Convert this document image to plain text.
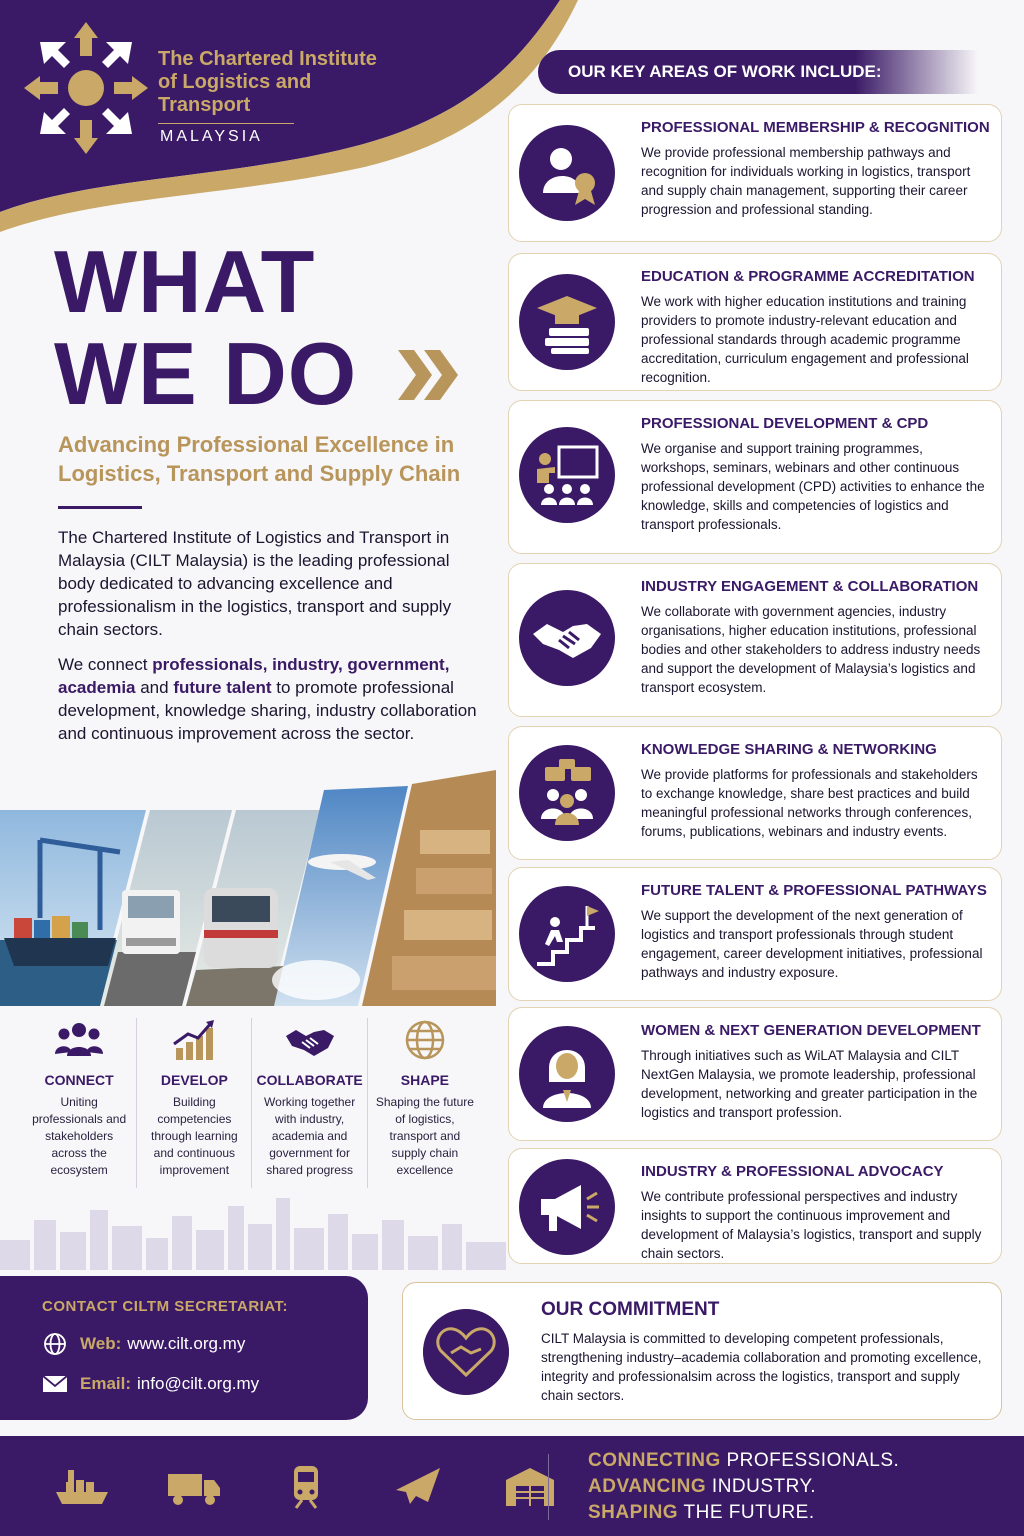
The Chartered Institute of Logistics and Transport
MALAYSIA
OUR KEY AREAS OF WORK INCLUDE:
WHAT
WE DO
Advancing Professional Excellence in Logistics, Transport and Supply Chain

The Chartered Institute of Logistics and Transport in Malaysia (CILT Malaysia) is the leading professional body dedicated to advancing excellence and professionalism in the logistics, transport and supply chain sectors.

We connect professionals, industry, government, academia and future talent to promote professional development, knowledge sharing, industry collaboration and continuous improvement across the sector.

CONNECT
Uniting professionals and stakeholders across the ecosystem
DEVELOP
Building competencies through learning and continuous improvement
COLLABORATE
Working together with industry, academia and government for shared progress
SHAPE
Shaping the future of logistics, transport and supply chain excellence
CONTACT CILTM SECRETARIAT:
Web: www.cilt.org.my
Email: info@cilt.org.my
PROFESSIONAL MEMBERSHIP & RECOGNITION
We provide professional membership pathways and recognition for individuals working in logistics, transport and supply chain management, supporting their career progression and professional standing.
EDUCATION & PROGRAMME ACCREDITATION
We work with higher education institutions and training providers to promote industry-relevant education and professional standards through academic programme accreditation, curriculum engagement and professional recognition.
PROFESSIONAL DEVELOPMENT & CPD
We organise and support training programmes, workshops, seminars, webinars and other continuous professional development (CPD) activities to enhance the knowledge, skills and competencies of logistics and transport professionals.
INDUSTRY ENGAGEMENT & COLLABORATION
We collaborate with government agencies, industry organisations, higher education institutions, professional bodies and other stakeholders to address industry needs and support the development of Malaysia’s logistics and transport ecosystem.
KNOWLEDGE SHARING & NETWORKING
We provide platforms for professionals and stakeholders to exchange knowledge, share best practices and build meaningful professional networks through conferences, forums, publications, webinars and industry events.
FUTURE TALENT & PROFESSIONAL PATHWAYS
We support the development of the next generation of logistics and transport professionals through student engagement, career development initiatives, professional pathways and industry exposure.
WOMEN & NEXT GENERATION DEVELOPMENT
Through initiatives such as WiLAT Malaysia and CILT NextGen Malaysia, we promote leadership, professional development, networking and greater participation in the logistics and transport profession.
INDUSTRY & PROFESSIONAL ADVOCACY
We contribute professional perspectives and industry insights to support the continuous improvement and development of Malaysia’s logistics, transport and supply chain sectors.
OUR COMMITMENT
CILT Malaysia is committed to developing competent professionals, strengthening industry–academia collaboration and promoting excellence, integrity and professionalsim across the logistics, transport and supply chain sectors.
CONNECTING PROFESSIONALS.
ADVANCING INDUSTRY.
SHAPING THE FUTURE.
